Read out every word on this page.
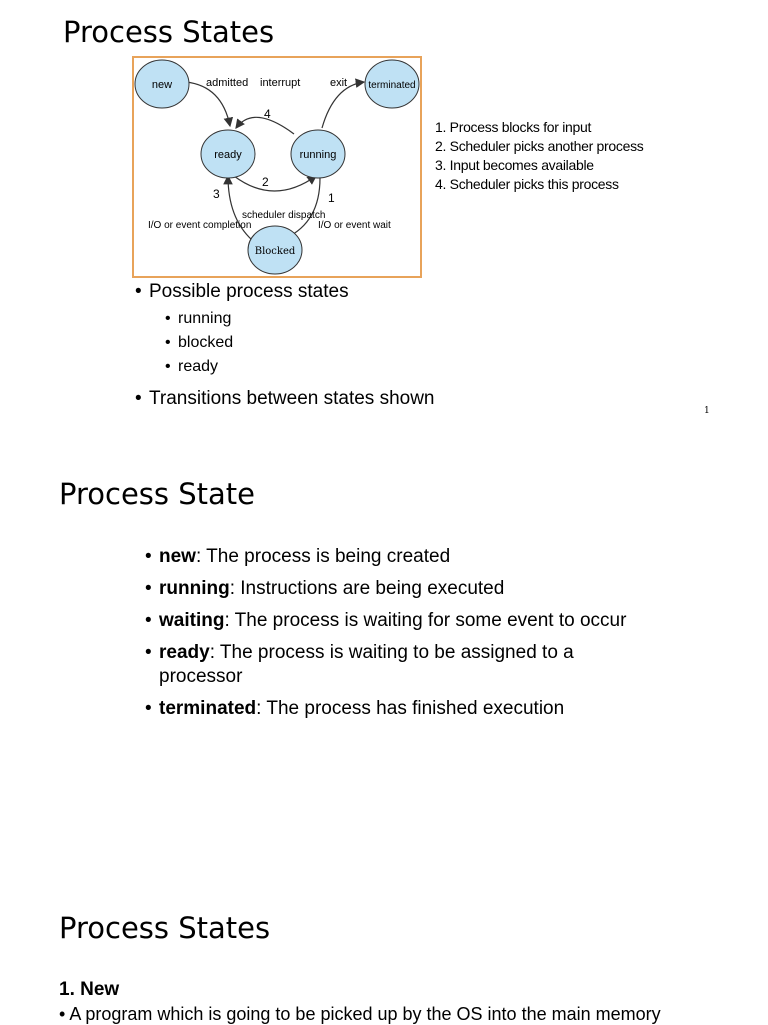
Process States
new	terminated
ready	running
Blocked
admitted interrupt	exit
scheduler dispatch
I/O or event completion	I/O or event wait
4
2
3	1
1. Process blocks for input
2. Scheduler picks another process
3. Input becomes available
4. Scheduler picks this process
• Possible process states
• running
• blocked
• ready
• Transitions between states shown
1
Process State
• new: The process is being created
• running: Instructions are being executed
• waiting: The process is waiting for some event to occur
• ready: The process is waiting to be assigned to a processor
• terminated: The process has finished execution
Process States
1. New
• A program which is going to be picked up by the OS into the main memory
